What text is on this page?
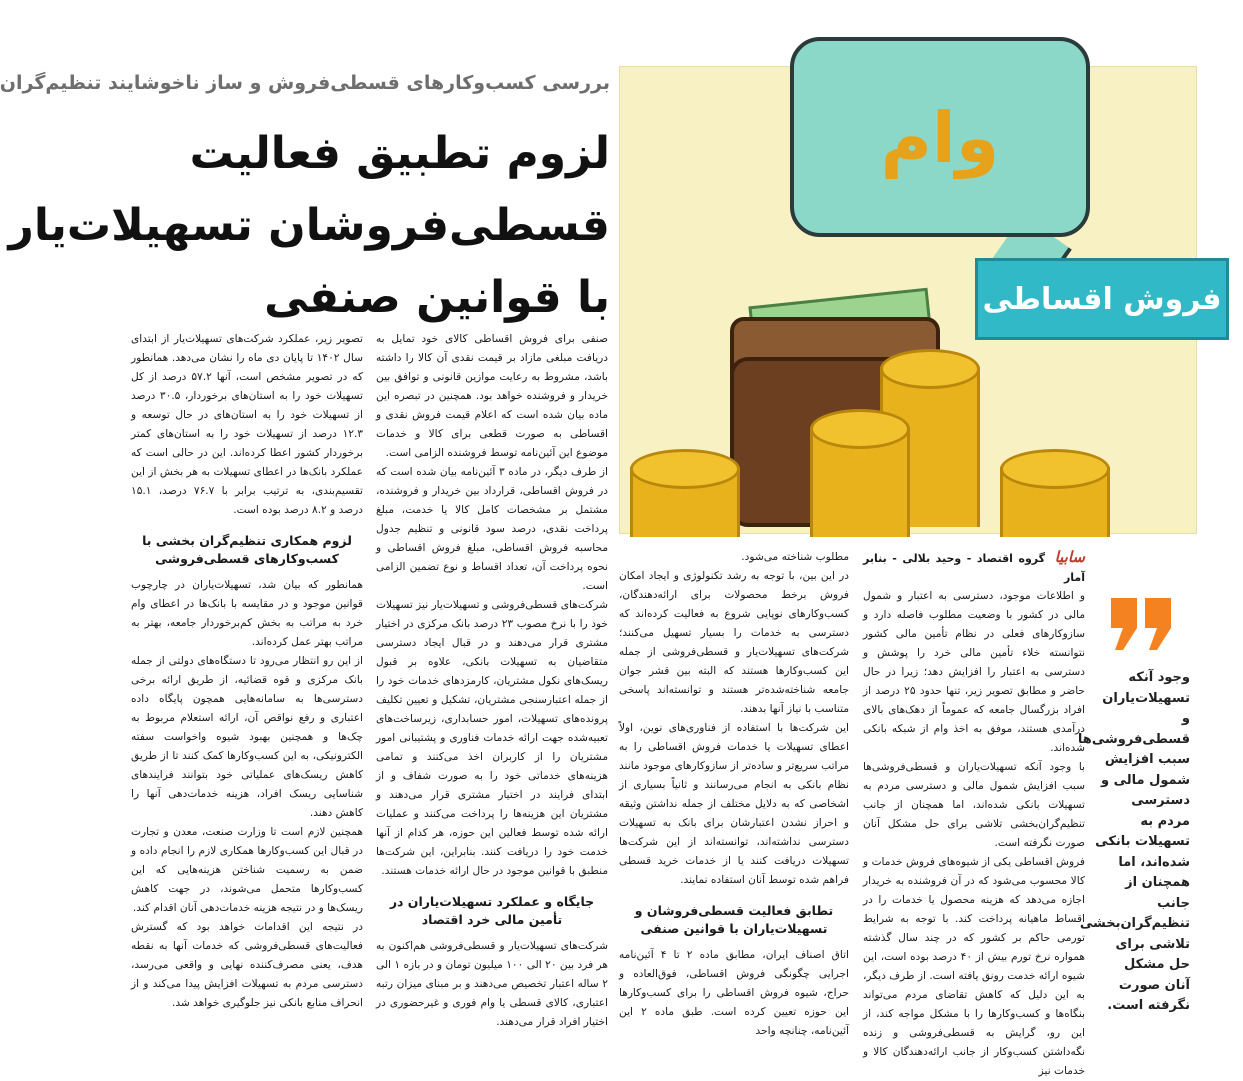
بررسی کسب‌وکارهای قسطی‌فروش و ساز ناخوشایند تنظیم‌گران
لزوم تطبیق فعالیت
قسطی‌فروشان تسهیلات‌یار
با قوانین صنفی
وام
فروش اقساطی
وجود آنکه تسهیلات‌یاران و قسطی‌فروشی‌ها سبب افزایش شمول مالی و دسترسی مردم به تسهیلات بانکی شده‌اند، اما همچنان از جانب تنظیم‌گران‌بخشی تلاشی برای حل مشکل آنان صورت نگرفته است.

سابیا گروه اقتصاد - وحید بلالی - بنابر آمار

و اطلاعات موجود، دسترسی به اعتبار و شمول مالی در کشور با وضعیت مطلوب فاصله دارد و سازوکارهای فعلی در نظام تأمین مالی کشور نتوانسته خلاء تأمین مالی خرد را پوشش و دسترسی به اعتبار را افزایش دهد؛ زیرا در حال حاضر و مطابق تصویر زیر، تنها حدود ۲۵ درصد از افراد بزرگسال جامعه که عموماً از دهک‌های بالای درآمدی هستند، موفق به اخذ وام از شبکه بانکی شده‌اند.

با وجود آنکه تسهیلات‌یاران و قسطی‌فروشی‌ها سبب افزایش شمول مالی و دسترسی مردم به تسهیلات بانکی شده‌اند، اما همچنان از جانب تنظیم‌گران‌بخشی تلاشی برای حل مشکل آنان صورت نگرفته است.

فروش اقساطی یکی از شیوه‌های فروش خدمات و کالا محسوب می‌شود که در آن فروشنده به خریدار اجازه می‌دهد که هزینه محصول یا خدمات را در اقساط ماهیانه پرداخت کند. با توجه به شرایط تورمی حاکم بر کشور که در چند سال گذشته همواره نرخ تورم بیش از ۴۰ درصد بوده است، این شیوه ارائه خدمت رونق یافته است. از طرف دیگر، به این دلیل که کاهش تقاضای مردم می‌تواند بنگاه‌ها و کسب‌وکارها را با مشکل مواجه کند، از این رو، گرایش به قسطی‌فروشی و زنده نگه‌داشتن کسب‌وکار از جانب ارائه‌دهندگان کالا و خدمات نیز

مطلوب شناخته می‌شود.

در این بین، با توجه به رشد تکنولوژی و ایجاد امکان فروش برخط محصولات برای ارائه‌دهندگان، کسب‌وکارهای نوپایی شروع به فعالیت کرده‌اند که دسترسی به خدمات را بسیار تسهیل می‌کنند؛ شرکت‌های تسهیلات‌یار و قسطی‌فروشی از جمله این کسب‌وکارها هستند که البته بین قشر جوان جامعه شناخته‌شده‌تر هستند و توانسته‌اند پاسخی متناسب با نیاز آنها بدهند.

این شرکت‌ها با استفاده از فناوری‌های نوین، اولاً اعطای تسهیلات یا خدمات فروش اقساطی را به مراتب سریع‌تر و ساده‌تر از سازوکارهای موجود مانند نظام بانکی به انجام می‌رسانند و ثانیاً بسیاری از اشخاصی که به دلایل مختلف از جمله نداشتن وثیقه و احراز نشدن اعتبارشان برای بانک به تسهیلات دسترسی نداشته‌اند، توانسته‌اند از این شرکت‌ها تسهیلات دریافت کنند یا از خدمات خرید قسطی فراهم شده توسط آنان استفاده نمایند.

تطابق فعالیت قسطی‌فروشان و تسهیلات‌یاران با قوانین صنفی

اتاق اصناف ایران، مطابق ماده ۲ تا ۴ آئین‌نامه اجرایی چگونگی فروش اقساطی، فوق‌العاده و حراج، شیوه فروش اقساطی را برای کسب‌وکارها این حوزه تعیین کرده است. طبق ماده ۲ این آئین‌نامه، چنانچه واحد

صنفی برای فروش اقساطی کالای خود تمایل به دریافت مبلغی مازاد بر قیمت نقدی آن کالا را داشته باشد، مشروط به رعایت موازین قانونی و توافق بین خریدار و فروشنده خواهد بود. همچنین در تبصره این ماده بیان شده است که اعلام قیمت فروش نقدی و اقساطی به صورت قطعی برای کالا و خدمات موضوع این آئین‌نامه توسط فروشنده الزامی است.

از طرف دیگر، در ماده ۳ آئین‌نامه بیان شده است که در فروش اقساطی، قرارداد بین خریدار و فروشنده، مشتمل بر مشخصات کامل کالا یا خدمت، مبلغ پرداخت نقدی، درصد سود قانونی و تنظیم جدول محاسبه فروش اقساطی، مبلغ فروش اقساطی و نحوه پرداخت آن، تعداد اقساط و نوع تضمین الزامی است.

شرکت‌های قسطی‌فروشی و تسهیلات‌یار نیز تسهیلات خود را با نرخ مصوب ۲۳ درصد بانک مرکزی در اختیار مشتری قرار می‌دهند و در قبال ایجاد دسترسی متقاضیان به تسهیلات بانکی، علاوه بر قبول ریسک‌های نکول مشتریان، کارمزدهای خدمات خود را از جمله اعتبارسنجی مشتریان، تشکیل و تعیین تکلیف پرونده‌های تسهیلات، امور حسابداری، زیرساخت‌های تعبیه‌شده جهت ارائه خدمات فناوری و پشتیبانی امور مشتریان را از کاربران اخذ می‌کنند و تمامی هزینه‌های خدماتی خود را به صورت شفاف و از ابتدای فرایند در اختیار مشتری قرار می‌دهند و مشتریان این هزینه‌ها را پرداخت می‌کنند و عملیات ارائه شده توسط فعالین این حوزه، هر کدام از آنها خدمت خود را دریافت کنند. بنابراین، این شرکت‌ها منطبق با قوانین موجود در حال ارائه خدمات هستند.

جایگاه و عملکرد تسهیلات‌یاران در تأمین مالی خرد اقتصاد

شرکت‌های تسهیلات‌یار و قسطی‌فروشی هم‌اکنون به هر فرد بین ۲۰ الی ۱۰۰ میلیون تومان و در بازه ۱ الی ۲ ساله اعتبار تخصیص می‌دهند و بر مبنای میزان رتبه اعتباری، کالای قسطی یا وام فوری و غیرحضوری در اختیار افراد قرار می‌دهند.

تصویر زیر، عملکرد شرکت‌های تسهیلات‌یار از ابتدای سال ۱۴۰۲ تا پایان دی ماه را نشان می‌دهد. همانطور که در تصویر مشخص است، آنها ۵۷.۲ درصد از کل تسهیلات خود را به استان‌های برخوردار، ۳۰.۵ درصد از تسهیلات خود را به استان‌های در حال توسعه و ۱۲.۳ درصد از تسهیلات خود را به استان‌های کمتر برخوردار کشور اعطا کرده‌اند. این در حالی است که عملکرد بانک‌ها در اعطای تسهیلات به هر بخش از این تقسیم‌بندی، به ترتیب برابر با ۷۶.۷ درصد، ۱۵.۱ درصد و ۸.۲ درصد بوده است.

لزوم همکاری تنظیم‌گران بخشی با کسب‌وکارهای قسطی‌فروشی

همانطور که بیان شد، تسهیلات‌یاران در چارچوب قوانین موجود و در مقایسه با بانک‌ها در اعطای وام خرد به مراتب به بخش کم‌برخوردار جامعه، بهتر به مراتب بهتر عمل کرده‌اند.

از این رو انتظار می‌رود تا دستگاه‌های دولتی از جمله بانک مرکزی و قوه قضائیه، از طریق ارائه برخی دسترسی‌ها به سامانه‌هایی همچون پایگاه داده اعتباری و رفع نواقص آن، ارائه استعلام مربوط به چک‌ها و همچنین بهبود شیوه واخواست سفته الکترونیکی، به این کسب‌وکارها کمک کنند تا از طریق کاهش ریسک‌های عملیاتی خود بتوانند فرایندهای شناسایی ریسک افراد، هزینه خدمات‌دهی آنها را کاهش دهند.

همچنین لازم است تا وزارت صنعت، معدن و تجارت در قبال این کسب‌وکارها همکاری لازم را انجام داده و ضمن به رسمیت شناختن هزینه‌هایی که این کسب‌وکارها متحمل می‌شوند، در جهت کاهش ریسک‌ها و در نتیجه هزینه خدمات‌دهی آنان اقدام کند.

در نتیجه این اقدامات خواهد بود که گسترش فعالیت‌های قسطی‌فروشی که خدمات آنها به نقطه هدف، یعنی مصرف‌کننده نهایی و واقعی می‌رسد، دسترسی مردم به تسهیلات افزایش پیدا می‌کند و از انحراف منابع بانکی نیز جلوگیری خواهد شد.
